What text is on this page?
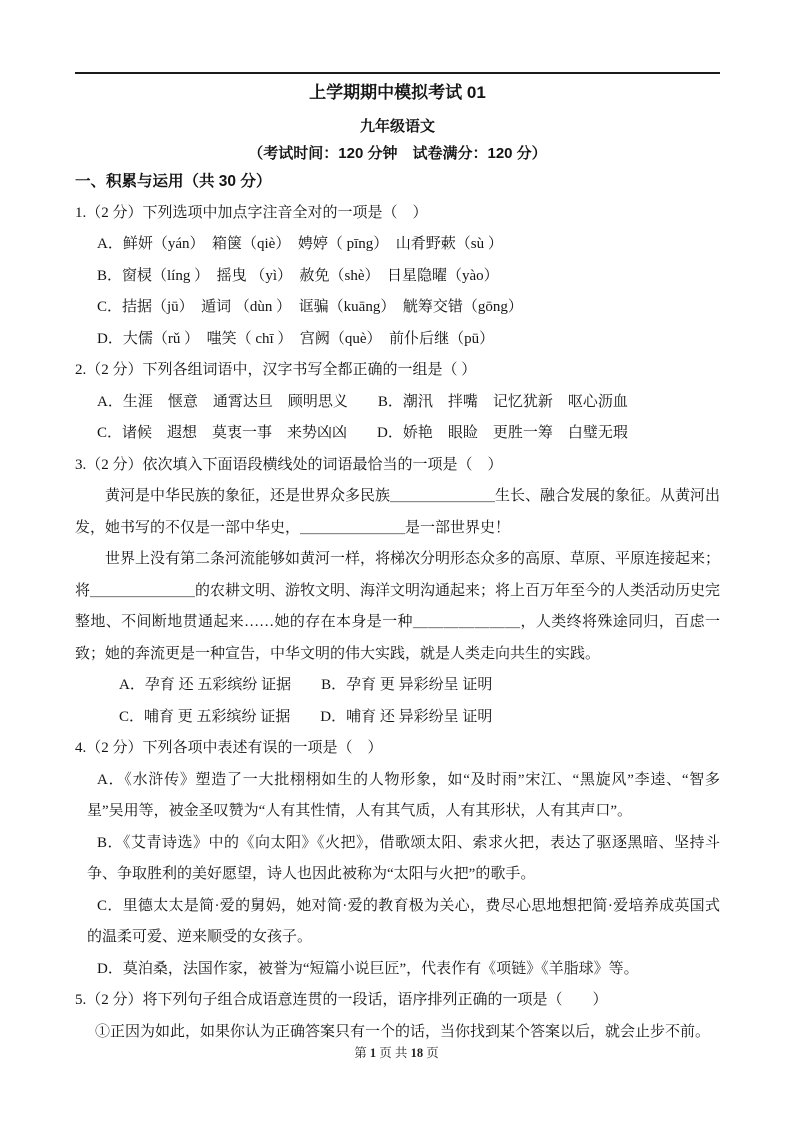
上学期期中模拟考试 01
九年级语文
（考试时间：120 分钟　试卷满分：120 分）
一、积累与运用（共 30 分）
1.（2 分）下列选项中加点字注音全对的一项是（　）
A．鲜妍（yán）　箱箧（qiè）　娉婷（ pīng）　山肴野蔌（sù ）
B．窗棂（líng ）　摇曳 （yì）　赦免（shè）　日星隐曜（yào）
C．拮据（jū）　遁词 （dùn ）　诓骗（kuāng）　觥筹交错（gōng）
D．大儒（rǔ ）　嗤笑（ chī ）　宫阙（què）　前仆后继（pū）
2.（2 分）下列各组词语中，汉字书写全都正确的一组是（ ）
A．生涯　惬意　通霄达旦　顾明思义　　B．潮汛　拌嘴　记忆犹新　呕心沥血
C．诸候　遐想　莫衷一事　来势凶凶　　D．娇艳　眼睑　更胜一筹　白璧无瑕
3.（2 分）依次填入下面语段横线处的词语最恰当的一项是（　）
黄河是中华民族的象征，还是世界众多民族＿＿＿＿＿＿＿生长、融合发展的象征。从黄河出发，她书写的不仅是一部中华史，＿＿＿＿＿＿＿是一部世界史！
世界上没有第二条河流能够如黄河一样，将梯次分明形态众多的高原、草原、平原连接起来；将＿＿＿＿＿＿＿的农耕文明、游牧文明、海洋文明沟通起来；将上百万年至今的人类活动历史完整地、不间断地贯通起来……她的存在本身是一种＿＿＿＿＿＿＿，人类终将殊途同归，百虑一致；她的奔流更是一种宣告，中华文明的伟大实践，就是人类走向共生的实践。
A．孕育 还 五彩缤纷 证据　　B．孕育 更 异彩纷呈 证明
C．哺育 更 五彩缤纷 证据　　D．哺育 还 异彩纷呈 证明
4.（2 分）下列各项中表述有误的一项是（　）
A．《水浒传》塑造了一大批栩栩如生的人物形象，如“及时雨”宋江、“黑旋风”李逵、“智多星”吴用等，被金圣叹赞为“人有其性情，人有其气质，人有其形状，人有其声口”。
B．《艾青诗选》中的《向太阳》《火把》，借歌颂太阳、索求火把，表达了驱逐黑暗、坚持斗争、争取胜利的美好愿望，诗人也因此被称为“太阳与火把”的歌手。
C．里德太太是简·爱的舅妈，她对简·爱的教育极为关心，费尽心思地想把简·爱培养成英国式的温柔可爱、逆来顺受的女孩子。
D．莫泊桑，法国作家，被誉为“短篇小说巨匠”，代表作有《项链》《羊脂球》等。
5.（2 分）将下列句子组合成语意连贯的一段话，语序排列正确的一项是（　　）
①正因为如此，如果你认为正确答案只有一个的话，当你找到某个答案以后，就会止步不前。
第 1 页 共 18 页
